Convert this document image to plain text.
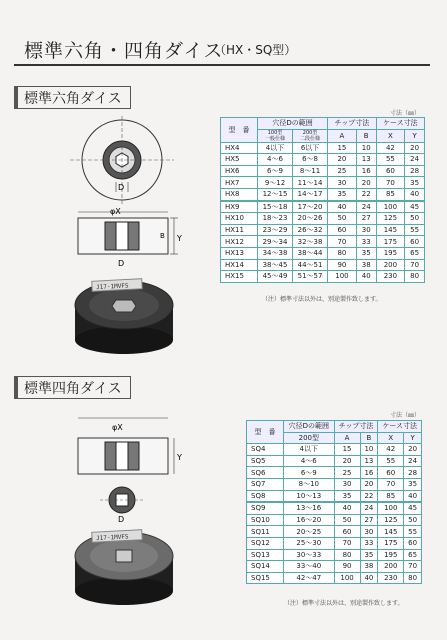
標準六角・四角ダイス
（HX・SQ型）
標準六角ダイス
D
φX
Y
B
D
J17-1MVFS
寸法（㎜）
型　番	穴径Dの範囲		チップ寸法		ケース寸法	
	100型
一般仕様	200型
二段仕様	A	B	X	Y
HX4	4以下	6以下	15	10	42	20
HX5	4〜6	6〜8	20	13	55	24
HX6	6〜9	8〜11	25	16	60	28
HX7	9〜12	11〜14	30	20	70	35
HX8	12〜15	14〜17	35	22	85	40
HX9	15〜18	17〜20	40	24	100	45
HX10	18〜23	20〜26	50	27	125	50
HX11	23〜29	26〜32	60	30	145	55
HX12	29〜34	32〜38	70	33	175	60
HX13	34〜38	38〜44	80	35	195	65
HX14	38〜45	44〜51	90	38	200	70
HX15	45〜49	51〜57	100	40	230	80
（注）標準寸法以外は、別途製作致します。
標準四角ダイス
φX
Y
D
J17-1MVFS
寸法（㎜）
型　番	穴径Dの範囲	チップ寸法		ケース寸法	
	200型	A	B	X	Y
SQ4	4以下	15	10	42	20
SQ5	4〜6	20	13	55	24
SQ6	6〜9	25	16	60	28
SQ7	8〜10	30	20	70	35
SQ8	10〜13	35	22	85	40
SQ9	13〜16	40	24	100	45
SQ10	16〜20	50	27	125	50
SQ11	20〜25	60	30	145	55
SQ12	25〜30	70	33	175	60
SQ13	30〜33	80	35	195	65
SQ14	33〜40	90	38	200	70
SQ15	42〜47	100	40	230	80
（注）標準寸法以外は、別途製作致します。
